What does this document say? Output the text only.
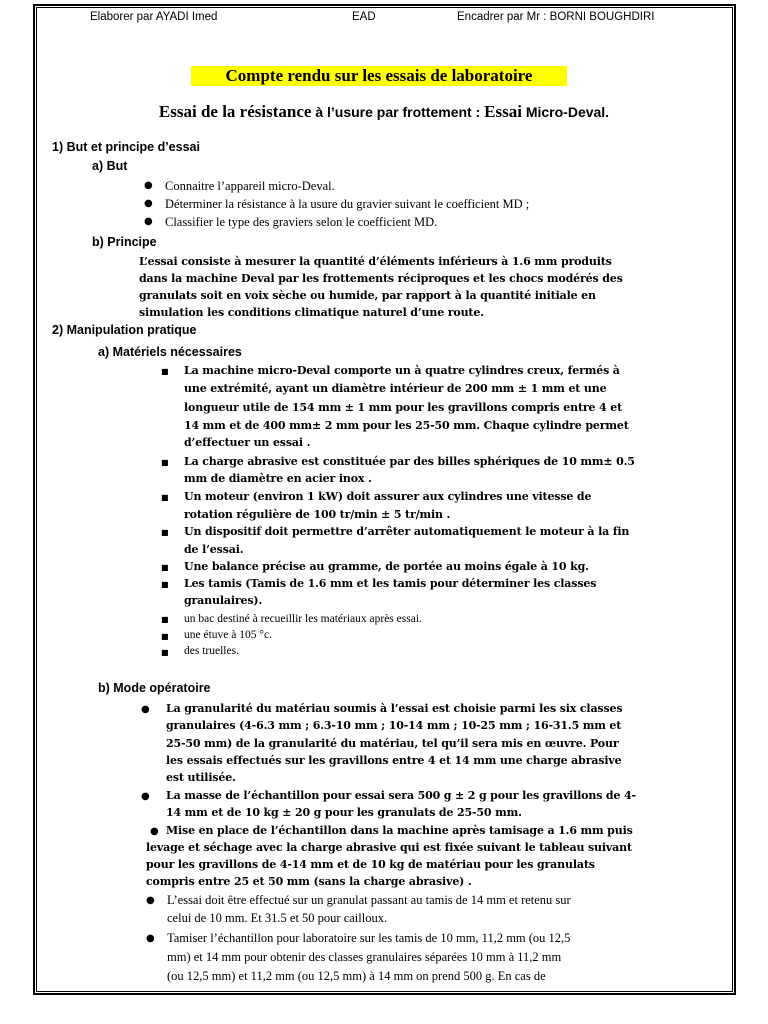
Elaborer par AYADI Imed	EAD	Encadrer par Mr : BORNI BOUGHDIRI
Compte rendu sur les essais de laboratoire
Essai de la résistance à l’usure par frottement : Essai Micro-Deval.
1) But et principe d’essai
a) But
● Connaitre l’appareil micro-Deval.
● Déterminer la résistance à la usure du gravier suivant le coefficient MD ;
● Classifier le type des graviers selon le coefficient MD.
b) Principe
L’essai consiste à mesurer la quantité d’éléments inférieurs à 1.6 mm produits
dans la machine Deval par les frottements réciproques et les chocs modérés des
granulats soit en voix sèche ou humide, par rapport à la quantité initiale en
simulation les conditions climatique naturel d’une route.
2) Manipulation pratique
a) Matériels nécessaires
■ La machine micro-Deval comporte un à quatre cylindres creux, fermés à
une extrémité, ayant un diamètre intérieur de 200 mm ± 1 mm et une
longueur utile de 154 mm ± 1 mm pour les gravillons compris entre 4 et
14 mm et de 400 mm± 2 mm pour les 25-50 mm. Chaque cylindre permet
d’effectuer un essai .
■ La charge abrasive est constituée par des billes sphériques de 10 mm± 0.5
mm de diamètre en acier inox .
■ Un moteur (environ 1 kW) doit assurer aux cylindres une vitesse de
rotation régulière de 100 tr/min ± 5 tr/min .
■ Un dispositif doit permettre d’arrêter automatiquement le moteur à la fin
de l’essai.
■ Une balance précise au gramme, de portée au moins égale à 10 kg.
■ Les tamis (Tamis de 1.6 mm et les tamis pour déterminer les classes
granulaires).
■ un bac destiné à recueillir les matériaux après essai.
■ une étuve à 105 °c.
■ des truelles.
b) Mode opératoire
● La granularité du matériau soumis à l’essai est choisie parmi les six classes
granulaires (4-6.3 mm ; 6.3-10 mm ; 10-14 mm ; 10-25 mm ; 16-31.5 mm et
25-50 mm) de la granularité du matériau, tel qu’il sera mis en œuvre. Pour
les essais effectués sur les gravillons entre 4 et 14 mm une charge abrasive
est utilisée.
● La masse de l’échantillon pour essai sera 500 g ± 2 g pour les gravillons de 4-
14 mm et de 10 kg ± 20 g pour les granulats de 25-50 mm.
● Mise en place de l’échantillon dans la machine après tamisage a 1.6 mm puis
levage et séchage avec la charge abrasive qui est fixée suivant le tableau suivant
pour les gravillons de 4-14 mm et de 10 kg de matériau pour les granulats
compris entre 25 et 50 mm (sans la charge abrasive) .
● L’essai doit être effectué sur un granulat passant au tamis de 14 mm et retenu sur
celui de 10 mm. Et 31.5 et 50 pour cailloux.
● Tamiser l’échantillon pour laboratoire sur les tamis de 10 mm, 11,2 mm (ou 12,5
mm) et 14 mm pour obtenir des classes granulaires séparées 10 mm à 11,2 mm
(ou 12,5 mm) et 11,2 mm (ou 12,5 mm) à 14 mm on prend 500 g. En cas de
